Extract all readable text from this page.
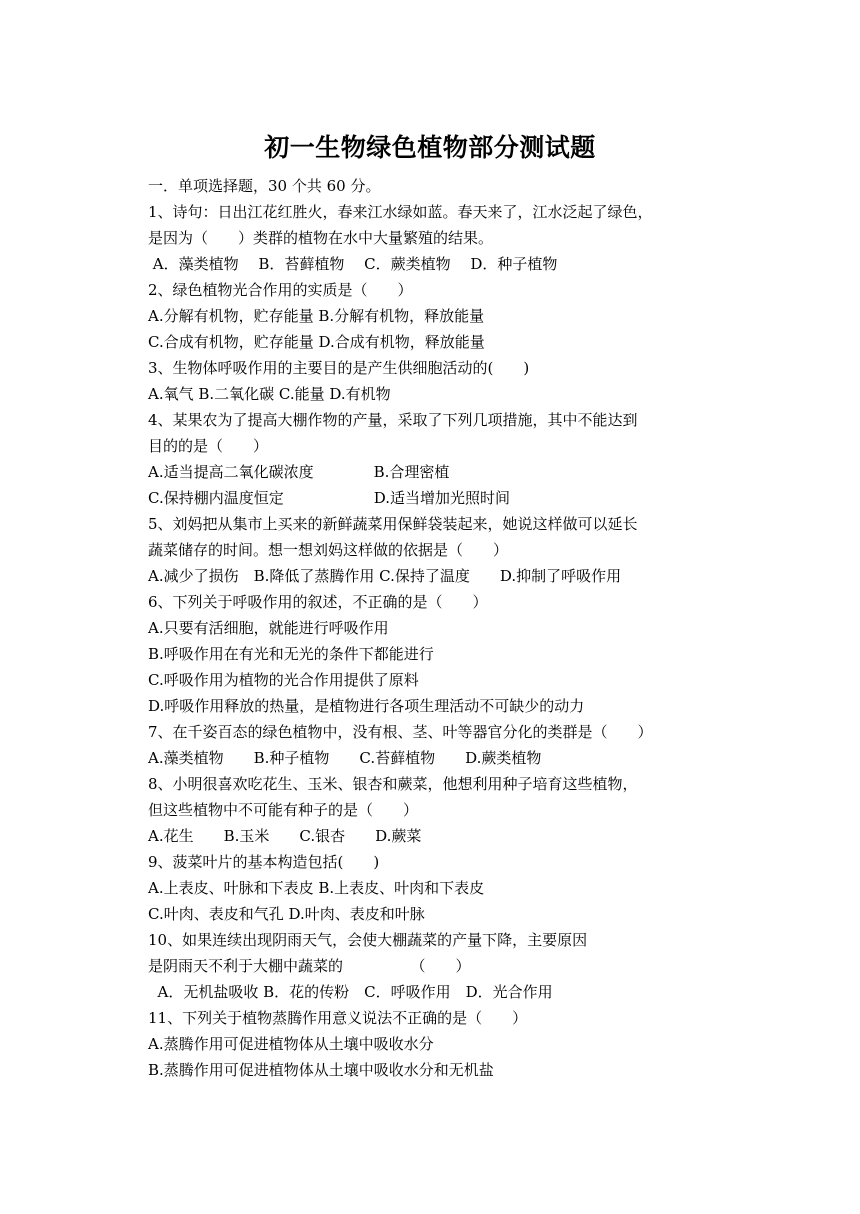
初一生物绿色植物部分测试题
一．单项选择题，30 个共 60 分。
1、诗句：日出江花红胜火，春来江水绿如蓝。春天来了，江水泛起了绿色，
是因为（　　）类群的植物在水中大量繁殖的结果。
A．藻类植物　 B．苔藓植物　 C．蕨类植物　 D．种子植物
2、绿色植物光合作用的实质是（　　）
A.分解有机物，贮存能量 B.分解有机物，释放能量
C.合成有机物，贮存能量 D.合成有机物，释放能量
3、生物体呼吸作用的主要目的是产生供细胞活动的(　　)
A.氧气 B.二氧化碳 C.能量 D.有机物
4、某果农为了提高大棚作物的产量，采取了下列几项措施，其中不能达到
目的的是（　　）
A.适当提高二氧化碳浓度　　　　B.合理密植
C.保持棚内温度恒定　　　　　　D.适当增加光照时间
5、刘妈把从集市上买来的新鲜蔬菜用保鲜袋装起来，她说这样做可以延长
蔬菜储存的时间。想一想刘妈这样做的依据是（　　）
A.减少了损伤　B.降低了蒸腾作用 C.保持了温度　　D.抑制了呼吸作用
6、下列关于呼吸作用的叙述，不正确的是（　　）
A.只要有活细胞，就能进行呼吸作用
B.呼吸作用在有光和无光的条件下都能进行
C.呼吸作用为植物的光合作用提供了原料
D.呼吸作用释放的热量，是植物进行各项生理活动不可缺少的动力
7、在千姿百态的绿色植物中，没有根、茎、叶等器官分化的类群是（　　）
A.藻类植物　　B.种子植物　　C.苔藓植物　　D.蕨类植物
8、小明很喜欢吃花生、玉米、银杏和蕨菜，他想利用种子培育这些植物，
但这些植物中不可能有种子的是（　　）
A.花生　　B.玉米　　C.银杏　　D.蕨菜
9、菠菜叶片的基本构造包括(　　)
A.上表皮、叶脉和下表皮 B.上表皮、叶肉和下表皮
C.叶肉、表皮和气孔 D.叶肉、表皮和叶脉
10、如果连续出现阴雨天气，会使大棚蔬菜的产量下降，主要原因
是阴雨天不利于大棚中蔬菜的　　　　　（　　）
A．无机盐吸收 B．花的传粉　C．呼吸作用　D．光合作用
11、下列关于植物蒸腾作用意义说法不正确的是（　　）
A.蒸腾作用可促进植物体从土壤中吸收水分
B.蒸腾作用可促进植物体从土壤中吸收水分和无机盐
